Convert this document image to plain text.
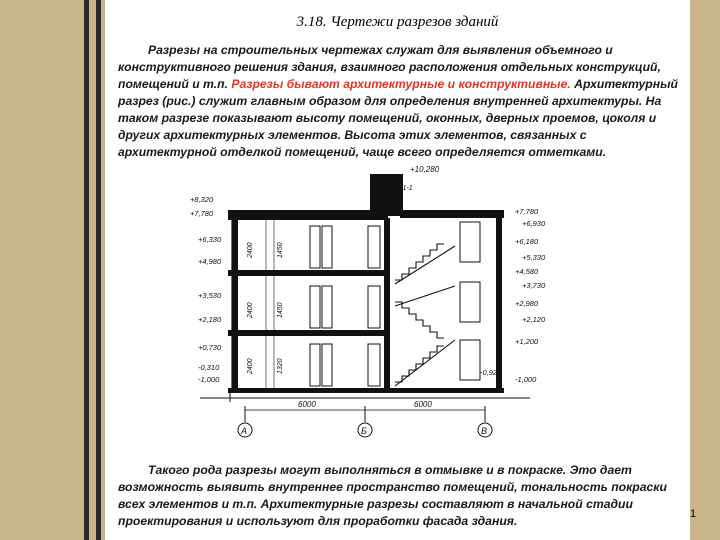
3.18. Чертежи разрезов зданий
Разрезы на строительных чертежах служат для выявления объемного и конструктивного решения здания, взаимного расположения отдельных конструкций, помещений и т.п. Разрезы бывают архитектурные и конструктивные. Архитектурный разрез (рис.) служит главным образом для определения внутренней архитектуры. На таком разрезе показывают высоту помещений, оконных, дверных проемов, цоколя и других архитектурных элементов. Высота этих элементов, связанных с архитектурной отделкой помещений, чаще всего определяется отметками.
6000	6000
А	Б	В
Разрез 1-1
+10,280
+8,320
+7,780
+6,330
+4,980
+3,530
+2,180
+0,730
-0,310
-1,000
+7,780
+6,930
+6,180
+5,330
+4,580
+3,730
+2,980
+2,120
+1,200
-0,920
-1,000
2400
2400
2400
1450
1450
1320
Такого рода разрезы могут выполняться в отмывке и в покраске. Это дает возможность выявить внутреннее пространство помещений, тональность покраски всех элементов и т.п. Архитектурные разрезы составляют в начальной стадии проектирования и используют для проработки фасада здания.	1
